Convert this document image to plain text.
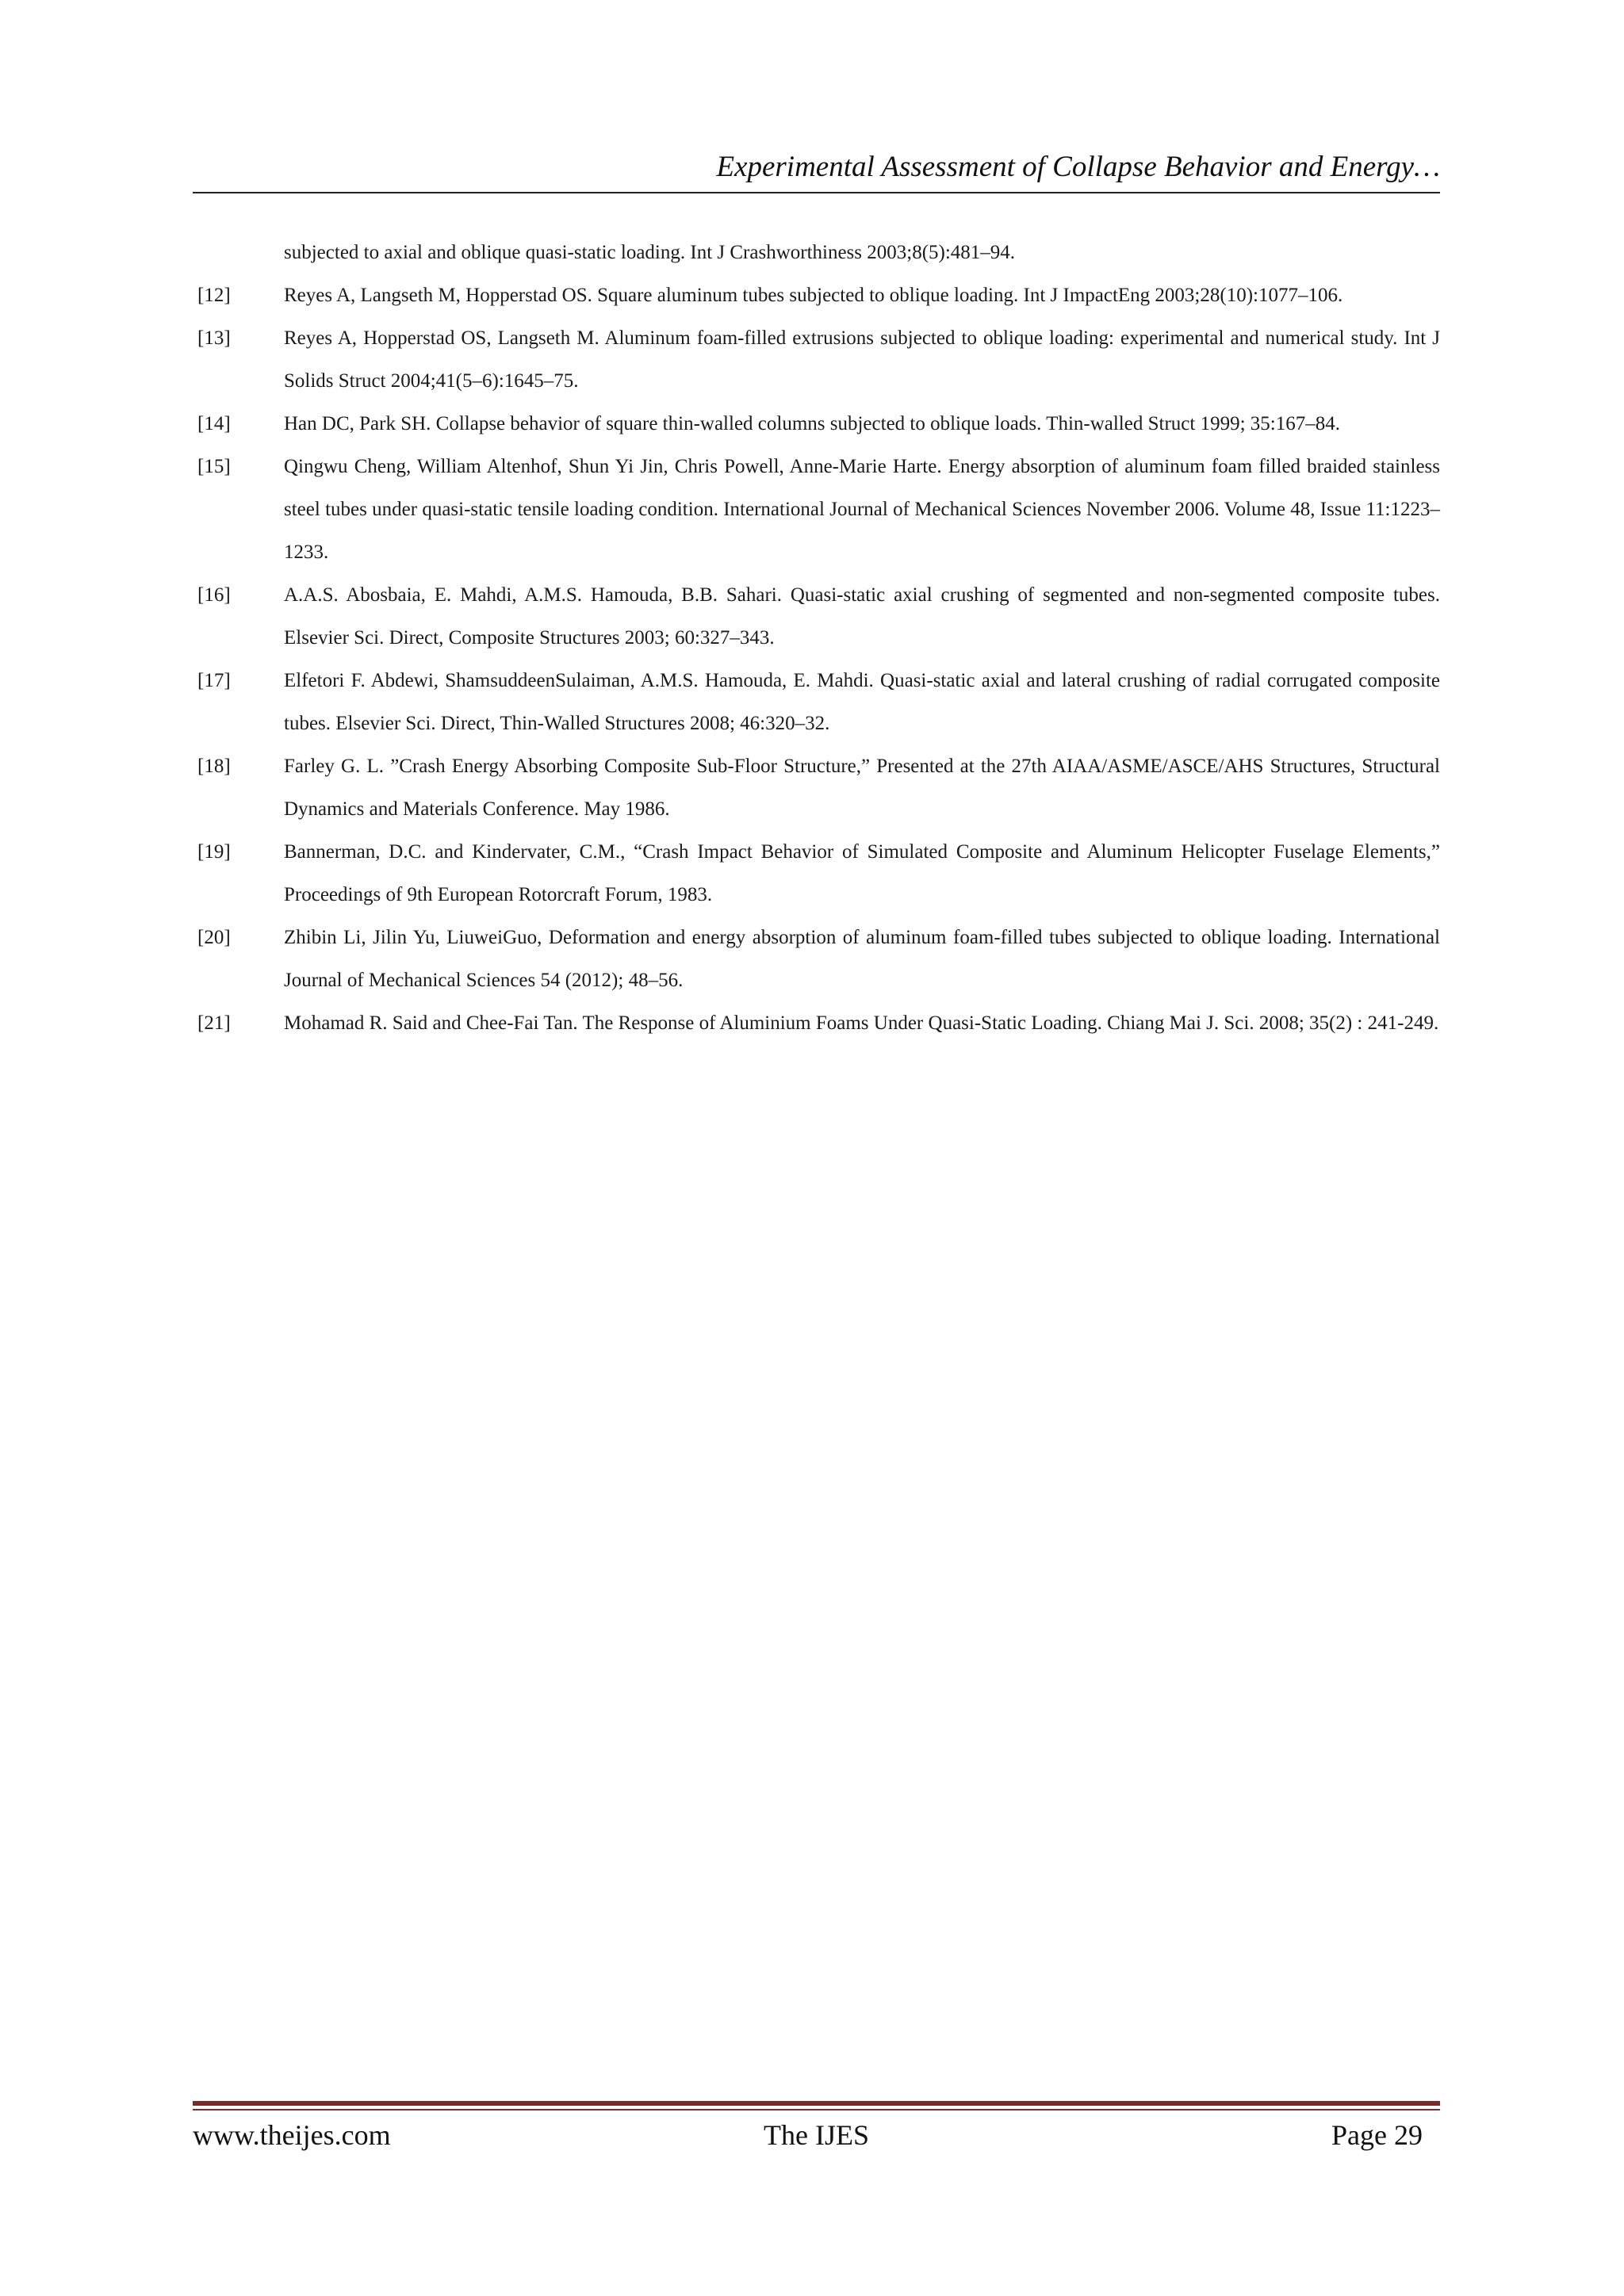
Experimental Assessment of Collapse Behavior and Energy…
subjected to axial and oblique quasi-static loading. Int J Crashworthiness 2003;8(5):481–94.
[12]	Reyes A, Langseth M, Hopperstad OS. Square aluminum tubes subjected to oblique loading. Int J ImpactEng 2003;28(10):1077–106.
[13]	Reyes A, Hopperstad OS, Langseth M. Aluminum foam-filled extrusions subjected to oblique loading: experimental and numerical study. Int J Solids Struct 2004;41(5–6):1645–75.
[14]	Han DC, Park SH. Collapse behavior of square thin-walled columns subjected to oblique loads. Thin-walled Struct 1999; 35:167–84.
[15]	Qingwu Cheng, William Altenhof, Shun Yi Jin, Chris Powell, Anne-Marie Harte. Energy absorption of aluminum foam filled braided stainless steel tubes under quasi-static tensile loading condition. International Journal of Mechanical Sciences November 2006. Volume 48, Issue 11:1223–1233.
[16]	A.A.S. Abosbaia, E. Mahdi, A.M.S. Hamouda, B.B. Sahari. Quasi-static axial crushing of segmented and non-segmented composite tubes. Elsevier Sci. Direct, Composite Structures 2003; 60:327–343.
[17]	Elfetori F. Abdewi, ShamsuddeenSulaiman, A.M.S. Hamouda, E. Mahdi. Quasi-static axial and lateral crushing of radial corrugated composite tubes. Elsevier Sci. Direct, Thin-Walled Structures 2008; 46:320–32.
[18]	Farley G. L. ”Crash Energy Absorbing Composite Sub-Floor Structure,” Presented at the 27th AIAA/ASME/ASCE/AHS Structures, Structural Dynamics and Materials Conference. May 1986.
[19]	Bannerman, D.C. and Kindervater, C.M., “Crash Impact Behavior of Simulated Composite and Aluminum Helicopter Fuselage Elements,” Proceedings of 9th European Rotorcraft Forum, 1983.
[20]	Zhibin Li, Jilin Yu, LiuweiGuo, Deformation and energy absorption of aluminum foam-filled tubes subjected to oblique loading. International Journal of Mechanical Sciences 54 (2012); 48–56.
[21]	Mohamad R. Said and Chee-Fai Tan. The Response of Aluminium Foams Under Quasi-Static Loading. Chiang Mai J. Sci. 2008; 35(2) : 241-249.
www.theijes.com	The IJES	Page 29
